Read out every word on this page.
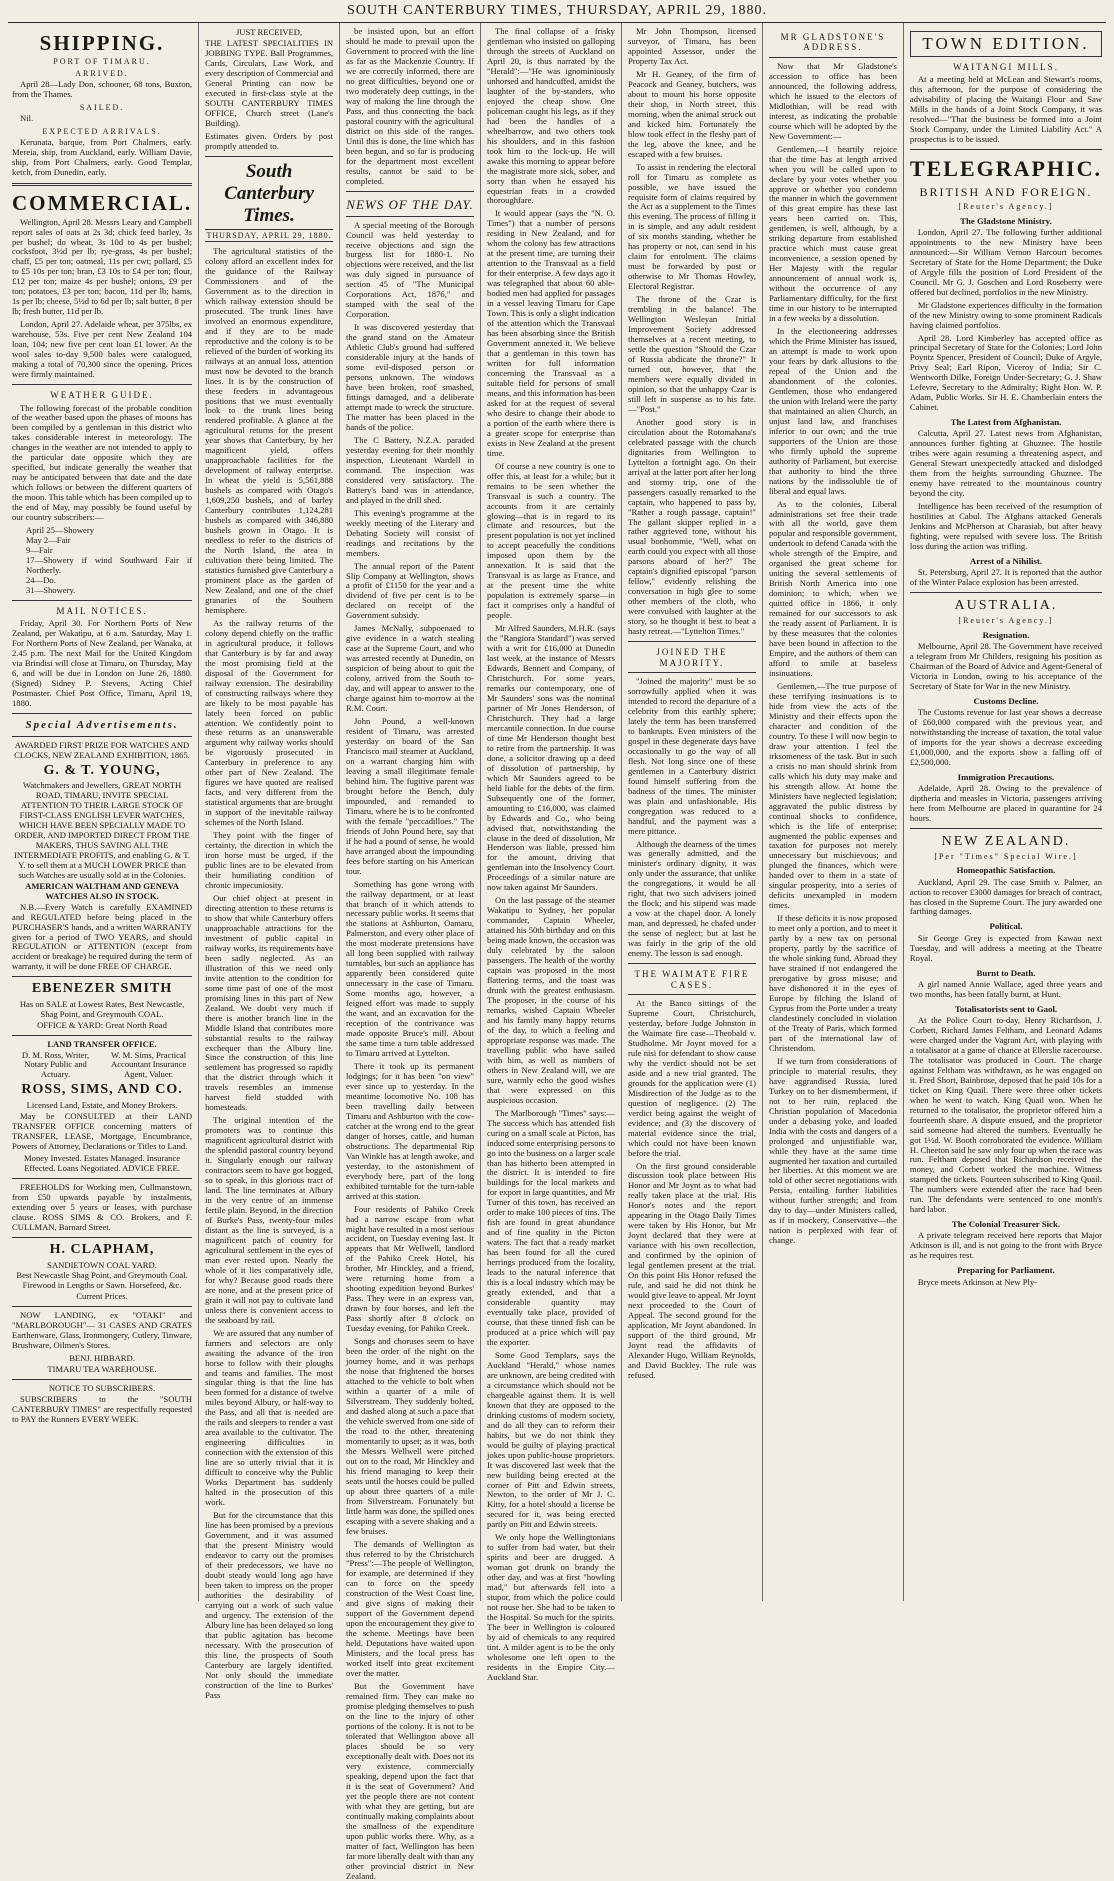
SOUTH CANTERBURY TIMES, THURSDAY, APRIL 29, 1880.
SHIPPING.
PORT OF TIMARU.
ARRIVED.

April 28—Lady Don, schooner, 68 tons, Buxton, from the Thames.

SAILED.

Nil.

EXPECTED ARRIVALS.

Kerunata, barque, from Port Chalmers, early. Mereia, ship, from Auckland, early. William Davie, ship, from Port Chalmers, early. Good Templar, ketch, from Dunedin, early.

COMMERCIAL.

Wellington, April 28. Messrs Leary and Campbell report sales of oats at 2s 3d; chick feed barley, 3s per bushel; do wheat, 3s 10d to 4s per bushel; cocksfoot, 3½d per lb; rye-grass, 4s per bushel; chaff, £5 per ton; oatmeal, 11s per cwt; pollard, £5 to £5 10s per ton; bran, £3 10s to £4 per ton; flour, £12 per ton; maize 4s per bushel; onions, £9 per ton; potatoes, £3 per ton; bacon, 11d per lb; hams, 1s per lb; cheese, 5½d to 6d per lb; salt butter, 8 per lb; fresh butter, 11d per lb.

London, April 27. Adelaide wheat, per 375lbs, ex warehouse, 53s. Five per cent New Zealand 104 loan, 104; new five per cent loan £1 lower. At the wool sales to-day 9,500 bales were catalogued, making a total of 70,300 since the opening. Prices were firmly maintained.

WEATHER GUIDE.

The following forecast of the probable condition of the weather based upon the phases of moons has been compiled by a gentleman in this district who takes considerable interest in meteorology. The changes in the weather are not intended to apply to the particular date opposite which they are specified, but indicate generally the weather that may be anticipated between that date and the date which follows or between the different quarters of the moon. This table which has been compiled up to the end of May, may possibly be found useful by our country subscribers:—

April 25—Showery
May 2—Fair
9—Fair
17—Showery if wind Southward Fair if Northerly.
24—Do.
31—Showery.
MAIL NOTICES.

Friday, April 30. For Northern Ports of New Zealand, per Wakatipu, at 6 a.m. Saturday, May 1. For Northern Ports of New Zealand, per Wanaka, at 2.45 p.m. The next Mail for the United Kingdom via Brindisi will close at Timaru, on Thursday, May 6, and will be due in London on June 26, 1880. (Signed) Sidney P. Stevens, Acting Chief Postmaster. Chief Post Office, Timaru, April 19, 1880.

Special Advertisements.
AWARDED FIRST PRIZE FOR WATCHES AND CLOCKS, NEW ZEALAND EXHIBITION, 1865.
G. & T. YOUNG,
Watchmakers and Jewellers, GREAT NORTH ROAD, TIMARU, INVITE SPECIAL ATTENTION TO THEIR LARGE STOCK OF FIRST-CLASS ENGLISH LEVER WATCHES, WHICH HAVE BEEN SPECIALLY MADE TO ORDER, AND IMPORTED DIRECT FROM THE MAKERS, THUS SAVING ALL THE INTERMEDIATE PROFITS, and enabling G. & T. Y. to sell them at a MUCH LOWER PRICE than such Watches are usually sold at in the Colonies.
AMERICAN WALTHAM AND GENEVA WATCHES ALSO IN STOCK.

N.B.—Every Watch is carefully EXAMINED and REGULATED before being placed in the PURCHASER'S hands, and a written WARRANTY given for a period of TWO YEARS, and should REGULATION or ATTENTION (except from accident or breakage) be required during the term of warranty, it will be done FREE OF CHARGE.

EBENEZER SMITH
Has on SALE at Lowest Rates, Best Newcastle, Shag Point, and Greymouth COAL.
OFFICE & YARD: Great North Road
LAND TRANSFER OFFICE.
D. M. Ross, Writer, Notary Public and Actuary.
W. M. Sims, Practical Accountant Insurance Agent, Valuer.
ROSS, SIMS, AND CO.
Licensed Land, Estate, and Money Brokers.

May be CONSULTED at their LAND TRANSFER OFFICE concerning matters of TRANSFER, LEASE, Mortgage, Encumbrance, Powers of Attorney, Declarations or Titles to Land.

Money Invested. Estates Managed. Insurance Effected. Loans Negotiated. ADVICE FREE.

FREEHOLDS for Working men, Cullmanstown, from £50 upwards payable by instalments, extending over 5 years or leases, with purchase clause. ROSS SIMS & CO. Brokers, and F. CULLMAN, Barnard Street.

H. CLAPHAM,
SANDIETOWN COAL YARD.
Best Newcastle Shag Point, and Greymouth Coal. Firewood in Lengths or Sawn. Horsefeed, &c.
Current Prices.

NOW LANDING, ex "OTAKI" and "MARLBOROUGH"— 31 CASES AND CRATES Earthenware, Glass, Ironmongery, Cutlery, Tinware, Brushware, Oilmen's Stores.

BENJ. HIBBARD.
TIMARU TEA WAREHOUSE.
NOTICE TO SUBSCRIBERS.

SUBSCRIBERS to the "SOUTH CANTERBURY TIMES" are respectfully requested to PAY the Runners EVERY WEEK.

JUST RECEIVED,

THE LATEST SPECIALITIES IN JOBBING TYPE. Ball Programmes, Cards, Circulars, Law Work, and every description of Commercial and General Printing can now be executed in first-class style at the SOUTH CANTERBURY TIMES OFFICE, Church street (Lane's Building).

Estimates given. Orders by post promptly attended to.

South Canterbury Times.
THURSDAY, APRIL 29, 1880.

The agricultural statistics of the colony afford an excellent index for the guidance of the Railway Commissioners and of the Government as to the direction in which railway extension should be prosecuted. The trunk lines have involved an enormous expenditure, and if they are to be made reproductive and the colony is to be relieved of the burden of working its railways at an annual loss, attention must now be devoted to the branch lines. It is by the construction of these feeders in advantageous positions that we must eventually look to the trunk lines being rendered profitable. A glance at the agricultural returns for the present year shows that Canterbury, by her magnificent yield, offers unapproachable facilities for the development of railway enterprise. In wheat the yield is 5,561,888 bushels as compared with Otago's 1,609,250 bushels, and of barley Canterbury contributes 1,124,281 bushels as compared with 346,880 bushels grown in Otago. It is needless to refer to the districts of the North Island, the area in cultivation there being limited. The statistics furnished give Canterbury a prominent place as the garden of New Zealand, and one of the chief granaries of the Southern hemisphere.

As the railway returns of the colony depend chiefly on the traffic in agricultural produce, it follows that Canterbury is by far and away the most promising field at the disposal of the Government for railway extension. The desirability of constructing railways where they are likely to be most payable has lately been forced on public attention. We confidently point to these returns as an unanswerable argument why railway works should be vigorously prosecuted in Canterbury in preference to any other part of New Zealand. The figures we have quoted are realised facts, and very different from the statistical arguments that are brought in support of the inevitable railway schemes of the North Island.

They point with the finger of certainty, the direction in which the iron horse must be urged, if the public lines are to be elevated from their humiliating condition of chronic impecuniosity.

Our chief object at present in directing attention to these returns is to show that while Canterbury offers unapproachable attractions for the investment of public capital in railway works, its requirements have been sadly neglected. As an illustration of this we need only invite attention to the condition for some time past of one of the most promising lines in this part of New Zealand. We doubt very much if there is another branch line in the Middle Island that contributes more substantial results to the railway exchequer than the Albury line. Since the construction of this line settlement has progressed so rapidly that the district through which it travels resembles an immense harvest field studded with homesteads.

The original intention of the promoters was to continue this magnificent agricultural district with the splendid pastoral country beyond it. Singularly enough our railway contractors seem to have got bogged, so to speak, in this glorious tract of land. The line terminates at Albury in the very centre of an immense fertile plain. Beyond, in the direction of Burke's Pass, twenty-four miles distant as the line is surveyed, is a magnificent patch of country for agricultural settlement in the eyes of man ever rested upon. Nearly the whole of it lies comparatively idle, for why? Because good roads there are none, and at the present price of grain it will not pay to cultivate land unless there is convenient access to the seaboard by rail.

We are assured that any number of farmers and selectors are only awaiting the advance of the iron horse to follow with their ploughs and teams and families. The most singular thing is that the line has been formed for a distance of twelve miles beyond Albury, or half-way to the Pass, and all that is needed are the rails and sleepers to render a vast area available to the cultivator. The engineering difficulties in connection with the extension of this line are so utterly trivial that it is difficult to conceive why the Public Works Department has suddenly halted in the prosecution of this work.

But for the circumstance that this line has been promised by a previous Government, and it was assumed that the present Ministry would endeavor to carry out the promises of their predecessors, we have no doubt steady would long ago have been taken to impress on the proper authorities the desirability of carrying out a work of such value and urgency. The extension of the Albury line has been delayed so long that public agitation has become necessary. With the prosecution of this line, the prospects of South Canterbury are largely identified. Not only should the immediate construction of the line to Burkes' Pass

be insisted upon, but an effort should be made to prevail upon the Government to proceed with the line as far as the Mackenzie Country. If we are correctly informed, there are no great difficulties, beyond one or two moderately deep cuttings, in the way of making the line through the Pass, and thus connecting the back pastoral country with the agricultural district on this side of the ranges. Until this is done, the line which has been begun, and so far is producing for the department most excellent results, cannot be said to be completed.

NEWS OF THE DAY.

A special meeting of the Borough Council was held yesterday to receive objections and sign the burgess list for 1880-1. No objections were received, and the list was duly signed in pursuance of section 45 of "The Municipal Corporations Act, 1876," and stamped with the seal of the Corporation.

It was discovered yesterday that the grand stand on the Amateur Athletic Club's ground had suffered considerable injury at the hands of some evil-disposed person or persons unknown. The windows have been broken, roof smashed, fittings damaged, and a deliberate attempt made to wreck the structure. The matter has been placed in the hands of the police.

The C Battery, N.Z.A. paraded yesterday evening for their monthly inspection, Lieutenant Wardell in command. The inspection was considered very satisfactory. The Battery's band was in attendance, and played in the drill shed.

This evening's programme at the weekly meeting of the Literary and Debating Society will consist of readings and recitations by the members.

The annual report of the Patent Slip Company at Wellington, shows a profit of £1150 for the year and a dividend of five per cent is to be declared on receipt of the Government subsidy.

James McNally, subpoenaed to give evidence in a watch stealing case at the Supreme Court, and who was arrested recently at Dunedin, on suspicion of being about to quit the colony, arrived from the South to-day, and will appear to answer to the charge against him to-morrow at the R.M. Court.

John Pound, a well-known resident of Timaru, was arrested yesterday on board of the San Francisco mail steamer at Auckland, on a warrant charging him with leaving a small illegitimate female behind him. The fugitive parent was brought before the Bench, duly impounded, and remanded to Timaru, where he is to be confronted with the female "peccadilloes." The friends of John Pound here, say that if he had a pound of sense, he would have arranged about the impounding fees before starting on his American tour.

Something has gone wrong with the railway department, or at least that branch of it which attends to necessary public works. It seems that the stations at Ashburton, Oamaru, Palmerston, and every other place of the most moderate pretensions have all long been supplied with railway turntables, but such an appliance has apparently been considered quite unnecessary in the case of Timaru. Some months ago, however, a feigned effort was made to supply the want, and an excavation for the reception of the contrivance was made opposite Bruce's mill. About the same time a turn table addressed to Timaru arrived at Lyttelton.

There it took up its permanent lodgings; for it has been "on view" ever since up to yesterday. In the meantime locomotive No. 108 has been travelling daily between Timaru and Ashburton with the cow-catcher at the wrong end to the great danger of horses, cattle, and human obstructions. The departmental Rip Van Winkle has at length awoke, and yesterday, to the astonishment of everybody here, part of the long exhibited turntable for the turn-table arrived at this station.

Four residents of Pahiko Creek had a narrow escape from what might have resulted in a most serious accident, on Tuesday evening last. It appears that Mr Wellwell, landlord of the Pahiko Creek Hotel, his brother, Mr Hinckley, and a friend, were returning home from a shooting expedition beyond Burkes' Pass. They were in an express van, drawn by four horses, and left the Pass shortly after 8 o'clock on Tuesday evening, for Pahiko Creek.

Songs and choruses seem to have been the order of the night on the journey home, and it was perhaps the noise that frightened the horses attached to the vehicle to bolt when within a quarter of a mile of Silverstream. They suddenly bolted, and dashed along at such a pace that the vehicle swerved from one side of the road to the other, threatening momentarily to upset; as it was, both the Messrs Wellwell were pitched out on to the road, Mr Hinckley and his friend managing to keep their seats until the horses could be pulled up about three quarters of a mile from Silverstream. Fortunately but little harm was done, the spilled ones escaping with a severe shaking and a few bruises.

The demands of Wellington as thus referred to by the Christchurch "Press":—The people of Wellington, for example, are determined if they can to force on the speedy construction of the West Coast line, and give signs of making their support of the Government depend upon the encouragement they give to the scheme. Meetings have been held. Deputations have waited upon Ministers, and the local press has worked itself into great excitement over the matter.

But the Government have remained firm. They can make no promise pledging themselves to push on the line to the injury of other portions of the colony. It is not to be tolerated that Wellington above all places should be so very exceptionally dealt with. Does not its very existence, commercially speaking, depend upon the fact that it is the seat of Government? And yet the people there are not content with what they are getting, but are continually making complaints about the smallness of the expenditure upon public works there. Why, as a matter of fact, Wellington has been far more liberally dealt with than any other provincial district in New Zealand.

The final collapse of a frisky gentleman who insisted on galloping through the streets of Auckland on April 20, is thus narrated by the "Herald":—"He was ignominiously unhorsed and handcuffed, amidst the laughter of the by-standers, who enjoyed the cheap show. One policeman caught his legs, as if they had been the handles of a wheelbarrow, and two others took his shoulders, and in this fashion took him to the lock-up. He will awake this morning to appear before the magistrate more sick, sober, and sorry than when he essayed his equestrian feats in a crowded thoroughfare.

It would appear (says the "N. O. Times") that a number of persons residing in New Zealand, and for whom the colony has few attractions at the present time, are turning their attention to the Transvaal as a field for their enterprise. A few days ago it was telegraphed that about 60 able-bodied men had applied for passages in a vessel leaving Timaru for Cape Town. This is only a slight indication of the attention which the Transvaal has been absorbing since the British Government annexed it. We believe that a gentleman in this town has written for full information concerning the Transvaal as a suitable field for persons of small means, and this information has been asked for at the request of several who desire to change their abode to a portion of the earth where there is a greater scope for enterprise than exists in New Zealand at the present time.

Of course a new country is one to offer this, at least for a while; but it remains to be seen whether the Transvaal is such a country. The accounts from it are certainly glowing—that is in regard to its climate and resources, but the present population is not yet inclined to accept peacefully the conditions imposed upon them by the annexation. It is said that the Transvaal is as large as France, and at the present time the white population is extremely sparse—in fact it comprises only a handful of people.

Mr Alfred Saunders, M.H.R. (says the "Rangiora Standard") was served with a writ for £16,000 at Dunedin last week, at the instance of Messrs Edwards, Bennett and Company, of Christchurch. For some years, remarks our contemporary, one of Mr Saunders' sons was the nominal partner of Mr Jones Henderson, of Christchurch. They had a large mercantile connection. In due course of time Mr Henderson thought best to retire from the partnership. It was done, a solicitor drawing up a deed of dissolution of partnership, by which Mr Saunders agreed to be held liable for the debts of the firm. Subsequently one of the former, amounting to £16,000, was claimed by Edwards and Co., who being advised that, notwithstanding the clause in the deed of dissolution, Mr Henderson was liable, pressed him for the amount, driving that gentleman into the Insolvency Court. Proceedings of a similar nature are now taken against Mr Saunders.

On the last passage of the steamer Wakatipu to Sydney, her popular commander, Captain Wheeler, attained his 50th birthday and on this being made known, the occasion was duly celebrated by the saloon passengers. The health of the worthy captain was proposed in the most flattering terms, and the toast was drunk with the greatest enthusiasm. The proposer, in the course of his remarks, wished Captain Wheeler and his family many happy returns of the day, to which a feeling and appropriate response was made. The travelling public who have sailed with him, as well as numbers of others in New Zealand will, we are sure, warmly echo the good wishes that were expressed on this auspicious occasion.

The Marlborough "Times" says:—The success which has attended fish curing on a small scale at Picton, has induced some enterprising persons to go into the business on a larger scale than has hitherto been attempted in the district. It is intended to fire buildings for the local markets and for export in large quantities, and Mr Turner of this town, has received an order to make 100 pieces of tins. The fish are found in great abundance and of fine quality in the Picton waters. The fact that a ready market has been found for all the cured herrings produced from the locality, leads to the natural inference that this is a local industry which may be greatly extended, and that a considerable quantity may eventually take place, provided of course, that these tinned fish can be produced at a price which will pay the exporter.

Some Good Templars, says the Auckland "Herald," whose names are unknown, are being credited with a circumstance which should not be chargeable against them. It is well known that they are opposed to the drinking customs of modern society, and do all they can to reform their habits, but we do not think they would be guilty of playing practical jokes upon public-house proprietors. It was discovered last week that the new building being erected at the corner of Pitt and Edwin streets, Newton, to the order of Mr J. C. Kitty, for a hotel should a license be secured for it, was being erected partly on Pitt and Edwin streets.

We only hope the Wellingtonians to suffer from bad water, but their spirits and beer are drugged. A woman got drunk on brandy the other day, and was at first "howling mad," but afterwards fell into a stupor, from which the police could not rouse her. She had to be taken to the Hospital. So much for the spirits. The beer in Wellington is coloured by aid of chemicals to any required tint. A milder agent is to be the only wholesome one left open to the residents in the Empire City.—Auckland Star.

Mr John Thompson, licensed surveyor, of Timaru, has been appointed Assessor, under the Property Tax Act.

Mr H. Geaney, of the firm of Peacock and Geaney, butchers, was about to mount his horse opposite their shop, in North street, this morning, when the animal struck out and kicked him. Fortunately the blow took effect in the fleshy part of the leg, above the knee, and he escaped with a few bruises.

To assist in rendering the electoral roll for Timaru as complete as possible, we have issued the requisite form of claims required by the Act as a supplement to the Times this evening. The process of filling it in is simple, and any adult resident of six months standing, whether he has property or not, can send in his claim for enrolment. The claims must be forwarded by post or otherwise to Mr Thomas Howley, Electoral Registrar.

The throne of the Czar is trembling in the balance! The Wellington Wesleyan Initial Improvement Society addressed themselves at a recent meeting, to settle the question "Should the Czar of Russia abdicate the throne?" It turned out, however, that the members were equally divided in opinion, so that the unhappy Czar is still left in suspense as to his fate.—"Post."

Another good story is in circulation about the Rotomahana's celebrated passage with the church dignitaries from Wellington to Lyttelton a fortnight ago. On their arrival at the latter port after her long and stormy trip, one of the passengers casually remarked to the captain, who happened to pass by, "Rather a rough passage, captain!" The gallant skipper replied in a rather aggrieved tone, without his usual bonhommie, "Well, what on earth could you expect with all those parsons aboard of her?" The captain's dignified episcopal "parson fellow," evidently relishing the conversation in high glee to some other members of the cloth, who were convulsed with laughter at the story, so he thought it best to beat a hasty retreat.—"Lyttelton Times."

JOINED THE MAJORITY.

"Joined the majority" must be so sorrowfully applied when it was intended to record the departure of a celebrity from this earthly sphere; lately the term has been transferred to bankrupts. Even ministers of the gospel in these degenerate days have occasionally to go the way of all flesh. Not long since one of these gentlemen in a Canterbury district found himself suffering from the badness of the times. The minister was plain and unfashionable. His congregation was reduced to a handful, and the payment was a mere pittance.

Although the dearness of the times was generally admitted, and the minister's ordinary dignity, it was only under the assurance, that unlike the congregations, it would be all right, that two such advisers joined the flock; and his stipend was made a vow at the chapel door. A lonely man, and depressed, he chafed under the sense of neglect; but at last he was fairly in the grip of the old enemy. The lesson is sad enough.

THE WAIMATE FIRE CASES.

At the Banco sittings of the Supreme Court, Christchurch, yesterday, before Judge Johnston in the Waimate fire case—Theobald v. Studholme. Mr Joynt moved for a rule nisi for defendant to show cause why the verdict should not be set aside and a new trial granted. The grounds for the application were (1) Misdirection of the Judge as to the question of negligence. (2) The verdict being against the weight of evidence; and (3) the discovery of material evidence since the trial, which could not have been known before the trial.

On the first ground considerable discussion took place between His Honor and Mr Joynt as to what had really taken place at the trial. His Honor's notes and the report appearing in the Otago Daily Times were taken by His Honor, but Mr Joynt declared that they were at variance with his own recollection, and confirmed by the opinion of legal gentlemen present at the trial. On this point His Honor refused the rule, and said he did not think he would give leave to appeal. Mr Joynt next proceeded to the Court of Appeal. The second ground for the application, Mr Joynt abandoned. In support of the third ground, Mr Joynt read the affidavits of Alexander Hugo, William Reynolds, and David Buckley. The rule was refused.

MR GLADSTONE'S ADDRESS.

Now that Mr Gladstone's accession to office has been announced, the following address, which he issued to the electors of Midlothian, will be read with interest, as indicating the probable course which will be adopted by the New Government:—

Gentlemen,—I heartily rejoice that the time has at length arrived when you will be called upon to declare by your votes whether you approve or whether you condemn the manner in which the government of this great empire has these last years been carried on. This, gentlemen, is well, although, by a striking departure from established practice which must cause great inconvenience, a session opened by Her Majesty with the regular announcement of annual work is, without the occurrence of any Parliamentary difficulty, for the first time in our history to be interrupted in a few weeks by a dissolution.

In the electioneering addresses which the Prime Minister has issued, an attempt is made to work upon your fears by dark allusions to the repeal of the Union and the abandonment of the colonies. Gentlemen, those who endangered the union with Ireland were the party that maintained an alien Church, an unjust land law, and franchises inferior to our own; and the true supporters of the Union are those who firmly uphold the supreme authority of Parliament, but exercise that authority to bind the three nations by the indissoluble tie of liberal and equal laws.

As to the colonies, Liberal administrations set free their trade with all the world, gave them popular and responsible government, undertook to defend Canada with the whole strength of the Empire, and organised the great scheme for uniting the several settlements of British North America into one dominion; to which, when we quitted office in 1866, it only remained for our successors to ask the ready assent of Parliament. It is by these measures that the colonies have been bound in affection to the Empire, and the authors of them can afford to smile at baseless insinuations.

Gentlemen,—The true purpose of these terrifying insinuations is to hide from view the acts of the Ministry and their effects upon the character and condition of the country. To these I will now begin to draw your attention. I feel the irksomeness of the task. But in such a crisis no man should shrink from calls which his duty may make and his strength allow. At home the Ministers have neglected legislation; aggravated the public distress by continual shocks to confidence, which is the life of enterprise; augmented the public expenses and taxation for purposes not merely unnecessary but mischievous; and plunged the finances, which were handed over to them in a state of singular prosperity, into a series of deficits unexampled in modern times.

If these deficits it is now proposed to meet only a portion, and to meet it partly by a new tax on personal property, partly by the sacrifice of the whole sinking fund. Abroad they have strained if not endangered the prerogative by gross misuse; and have dishonored it in the eyes of Europe by filching the Island of Cyprus from the Porte under a treaty clandestinely concluded in violation of the Treaty of Paris, which formed part of the international law of Christendom.

If we turn from considerations of principle to material results, they have aggrandised Russia, lured Turkey on to her dismemberment, if not to her ruin, replaced the Christian population of Macedonia under a debasing yoke, and loaded India with the costs and dangers of a prolonged and unjustifiable war, while they have at the same time augmented her taxation and curtailed her liberties. At this moment we are told of other secret negotiations with Persia, entailing further liabilities without further strength; and from day to day—under Ministers called, as if in mockery, Conservative—the nation is perplexed with fear of change.

TOWN EDITION.
WAITANGI MILLS.

At a meeting held at McLean and Stewart's rooms, this afternoon, for the purpose of considering the advisability of placing the Waitangi Flour and Saw Mills in the hands of a Joint Stock Company, it was resolved—"That the business be formed into a Joint Stock Company, under the Limited Liability Act." A prospectus is to be issued.

TELEGRAPHIC.
BRITISH AND FOREIGN.
[Reuter's Agency.]
The Gladstone Ministry.

London, April 27. The following further additional appointments to the new Ministry have been announced:—Sir William Vernon Harcourt becomes Secretary of State for the Home Department; the Duke of Argyle fills the position of Lord President of the Council. Mr G. J. Goschen and Lord Roseberry were offered but declined, portfolios in the new Ministry.

Mr Gladstone experiences difficulty in the formation of the new Ministry owing to some prominent Radicals having claimed portfolios.

April 28. Lord Kimberley has accepted office as principal Secretary of State for the Colonies; Lord John Poyntz Spencer, President of Council; Duke of Argyle, Privy Seal; Earl Ripon, Viceroy of India; Sir C. Wentworth Dilke, Foreign Under-Secretary; G. J. Shaw Lefevre, Secretary to the Admiralty; Right Hon. W. P. Adam, Public Works. Sir H. E. Chamberlain enters the Cabinet.

The Latest from Afghanistan.

Calcutta, April 27. Latest news from Afghanistan, announces further fighting at Ghuznee. The hostile tribes were again resuming a threatening aspect, and General Stewart unexpectedly attacked and dislodged them from the heights surrounding Ghuznee. The enemy have retreated to the mountainous country beyond the city.

Intelligence has been received of the resumption of hostilities at Cabul. The Afghans attacked Generals Jenkins and McPherson at Charasiab, but after heavy fighting, were repulsed with severe loss. The British loss during the action was trifling.

Arrest of a Nihilist.

St. Petersburg, April 27. It is reported that the author of the Winter Palace explosion has been arrested.

AUSTRALIA.
[Reuter's Agency.]
Resignation.

Melbourne, April 28. The Government have received a telegram from Mr Childers, resigning his position as Chairman of the Board of Advice and Agent-General of Victoria in London, owing to his acceptance of the Secretary of State for War in the new Ministry.

Customs Decline.

The Customs revenue for last year shows a decrease of £60,000 compared with the previous year, and notwithstanding the increase of taxation, the total value of imports for the year shows a decrease exceeding £1,000,000, and the exports show a falling off of £2,500,000.

Immigration Precautions.

Adelaide, April 28. Owing to the prevalence of diptheria and measles in Victoria, passengers arriving here from Melbourne are placed in quarantine for 24 hours.

NEW ZEALAND.
[Per "Times" Special Wire.]
Homeopathic Satisfaction.

Auckland, April 29. The case Smith v. Palmer, an action to recover £3000 damages for breach of contract, has closed in the Supreme Court. The jury awarded one farthing damages.

Political.

Sir George Grey is expected from Kawau next Tuesday, and will address a meeting at the Theatre Royal.

Burnt to Death.

A girl named Annie Wallace, aged three years and two months, has been fatally burnt, at Hunt.

Totalisatorists sent to Gaol.

At the Police Court to-day, Henry Richardson, J. Corbett, Richard James Feltham, and Leonard Adams were charged under the Vagrant Act, with playing with a totalisator at a game of chance at Ellerslie racecourse. The totalisator was produced in Court. The charge against Feltham was withdrawn, as he was engaged on it. Fred Short, Bainbrose, deposed that he paid 10s for a ticket on King Quail. There were three other tickets when he went to watch. King Quail won. When he returned to the totalisator, the proprietor offered him a fourteenth share. A dispute ensued, and the proprietor said someone had altered the numbers. Eventually he got 1½d. W. Booth corroborated the evidence. William H. Cheeton said he saw only four up when the race was run. Feltham deposed that Richardson received the money, and Corbett worked the machine. Witness stamped the tickets. Fourteen subscribed to King Quail. The numbers were extended after the race had been run. The defendants were sentenced to one month's hard labor.

The Colonial Treasurer Sick.

A private telegram received here reports that Major Atkinson is ill, and is not going to the front with Bryce as he requires rest.

Preparing for Parliament.

Bryce meets Atkinson at New Ply-
